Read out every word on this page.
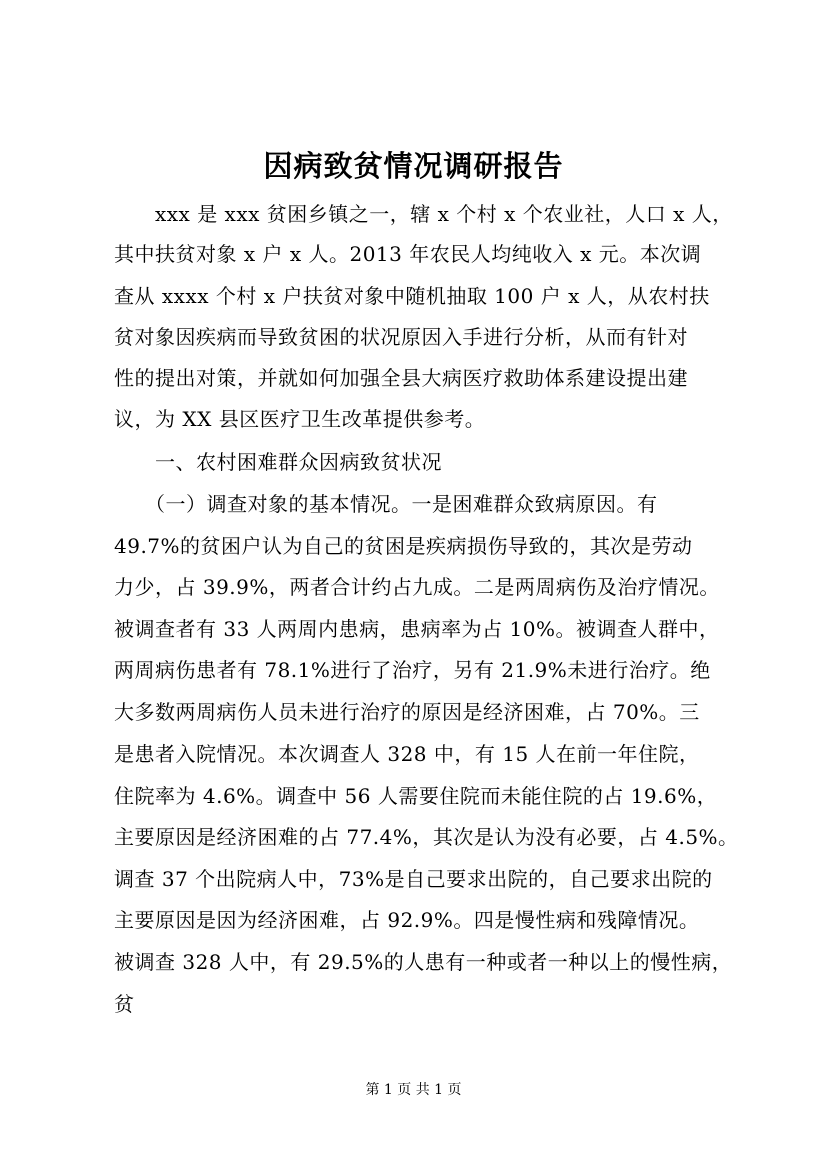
因病致贫情况调研报告
　　xxx 是 xxx 贫困乡镇之一，辖 x 个村 x 个农业社，人口 x 人，
其中扶贫对象 x 户 x 人。2013 年农民人均纯收入 x 元。本次调
查从 xxxx 个村 x 户扶贫对象中随机抽取 100 户 x 人，从农村扶
贫对象因疾病而导致贫困的状况原因入手进行分析，从而有针对
性的提出对策，并就如何加强全县大病医疗救助体系建设提出建
议，为 XX 县区医疗卫生改革提供参考。
　　一、农村困难群众因病致贫状况
　　（一）调查对象的基本情况。一是困难群众致病原因。有
49.7%的贫困户认为自己的贫困是疾病损伤导致的，其次是劳动
力少，占 39.9%，两者合计约占九成。二是两周病伤及治疗情况。
被调查者有 33 人两周内患病，患病率为占 10%。被调查人群中，
两周病伤患者有 78.1%进行了治疗，另有 21.9%未进行治疗。绝
大多数两周病伤人员未进行治疗的原因是经济困难，占 70%。三
是患者入院情况。本次调查人 328 中，有 15 人在前一年住院，
住院率为 4.6%。调查中 56 人需要住院而未能住院的占 19.6%，
主要原因是经济困难的占 77.4%，其次是认为没有必要，占 4.5%。
调查 37 个出院病人中，73%是自己要求出院的，自己要求出院的
主要原因是因为经济困难，占 92.9%。四是慢性病和残障情况。
被调查 328 人中，有 29.5%的人患有一种或者一种以上的慢性病，
贫
第 1 页 共 1 页
